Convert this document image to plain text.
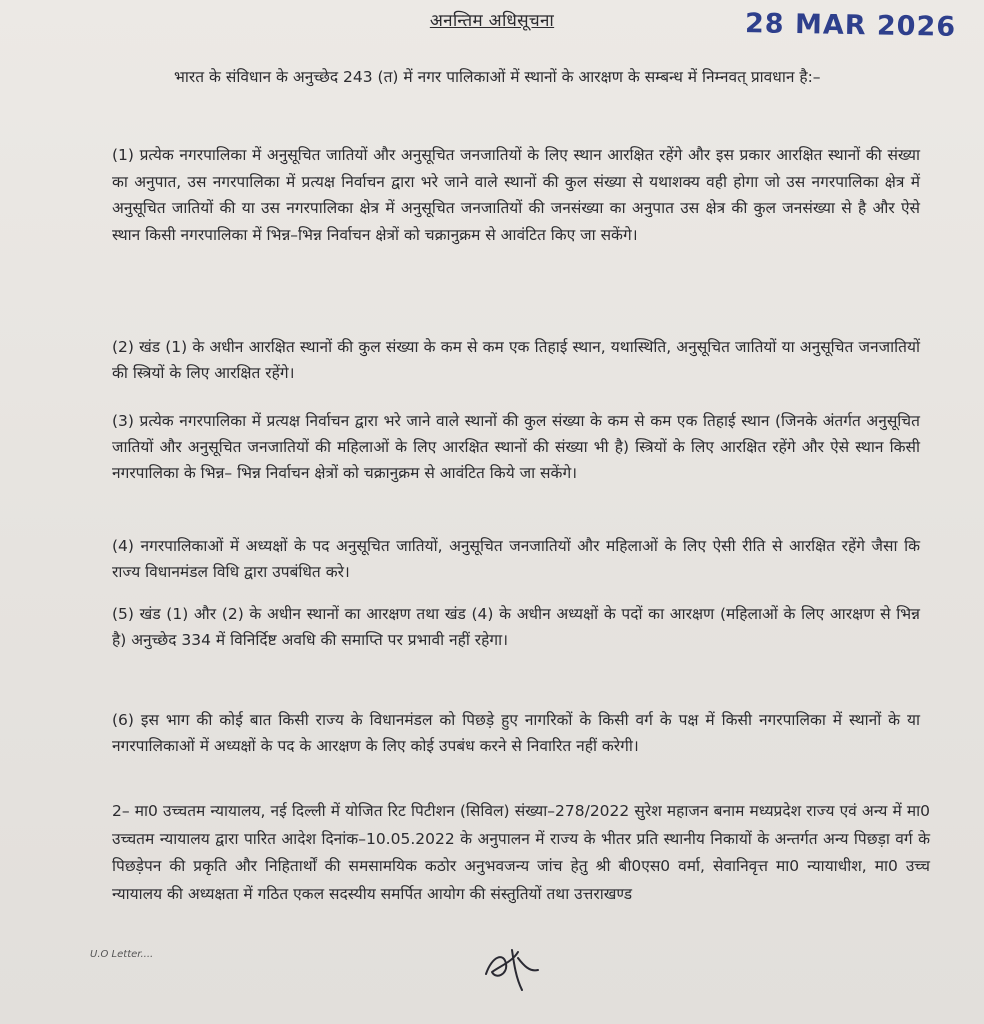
अनन्तिम अधिसूचना	28 MAR 2026

भारत के संविधान के अनुच्छेद 243 (त) में नगर पालिकाओं में स्थानों के आरक्षण के सम्बन्ध में निम्नवत् प्रावधान है:–

(1) प्रत्येक नगरपालिका में अनुसूचित जातियों और अनुसूचित जनजातियों के लिए स्थान आरक्षित रहेंगे और इस प्रकार आरक्षित स्थानों की संख्या का अनुपात, उस नगरपालिका में प्रत्यक्ष निर्वाचन द्वारा भरे जाने वाले स्थानों की कुल संख्या से यथाशक्य वही होगा जो उस नगरपालिका क्षेत्र में अनुसूचित जातियों की या उस नगरपालिका क्षेत्र में अनुसूचित जनजातियों की जनसंख्या का अनुपात उस क्षेत्र की कुल जनसंख्या से है और ऐसे स्थान किसी नगरपालिका में भिन्न–भिन्न निर्वाचन क्षेत्रों को चक्रानुक्रम से आवंटित किए जा सकेंगे।

(2) खंड (1) के अधीन आरक्षित स्थानों की कुल संख्या के कम से कम एक तिहाई स्थान, यथास्थिति, अनुसूचित जातियों या अनुसूचित जनजातियों की स्त्रियों के लिए आरक्षित रहेंगे।

(3) प्रत्येक नगरपालिका में प्रत्यक्ष निर्वाचन द्वारा भरे जाने वाले स्थानों की कुल संख्या के कम से कम एक तिहाई स्थान (जिनके अंतर्गत अनुसूचित जातियों और अनुसूचित जनजातियों की महिलाओं के लिए आरक्षित स्थानों की संख्या भी है) स्त्रियों के लिए आरक्षित रहेंगे और ऐसे स्थान किसी नगरपालिका के भिन्न– भिन्न निर्वाचन क्षेत्रों को चक्रानुक्रम से आवंटित किये जा सकेंगे।

(4) नगरपालिकाओं में अध्यक्षों के पद अनुसूचित जातियों, अनुसूचित जनजातियों और महिलाओं के लिए ऐसी रीति से आरक्षित रहेंगे जैसा कि राज्य विधानमंडल विधि द्वारा उपबंधित करे।

(5) खंड (1) और (2) के अधीन स्थानों का आरक्षण तथा खंड (4) के अधीन अध्यक्षों के पदों का आरक्षण (महिलाओं के लिए आरक्षण से भिन्न है) अनुच्छेद 334 में विनिर्दिष्ट अवधि की समाप्ति पर प्रभावी नहीं रहेगा।

(6) इस भाग की कोई बात किसी राज्य के विधानमंडल को पिछड़े हुए नागरिकों के किसी वर्ग के पक्ष में किसी नगरपालिका में स्थानों के या नगरपालिकाओं में अध्यक्षों के पद के आरक्षण के लिए कोई उपबंध करने से निवारित नहीं करेगी।

2– मा0 उच्चतम न्यायालय, नई दिल्ली में योजित रिट पिटीशन (सिविल) संख्या–278/2022 सुरेश महाजन बनाम मध्यप्रदेश राज्य एवं अन्य में मा0 उच्चतम न्यायालय द्वारा पारित आदेश दिनांक–10.05.2022 के अनुपालन में राज्य के भीतर प्रति स्थानीय निकायों के अन्तर्गत अन्य पिछड़ा वर्ग के पिछड़ेपन की प्रकृति और निहितार्थों की समसामयिक कठोर अनुभवजन्य जांच हेतु श्री बी0एस0 वर्मा, सेवानिवृत्त मा0 न्यायाधीश, मा0 उच्च न्यायालय की अध्यक्षता में गठित एकल सदस्यीय समर्पित आयोग की संस्तुतियों तथा उत्तराखण्ड

U.O Letter....
